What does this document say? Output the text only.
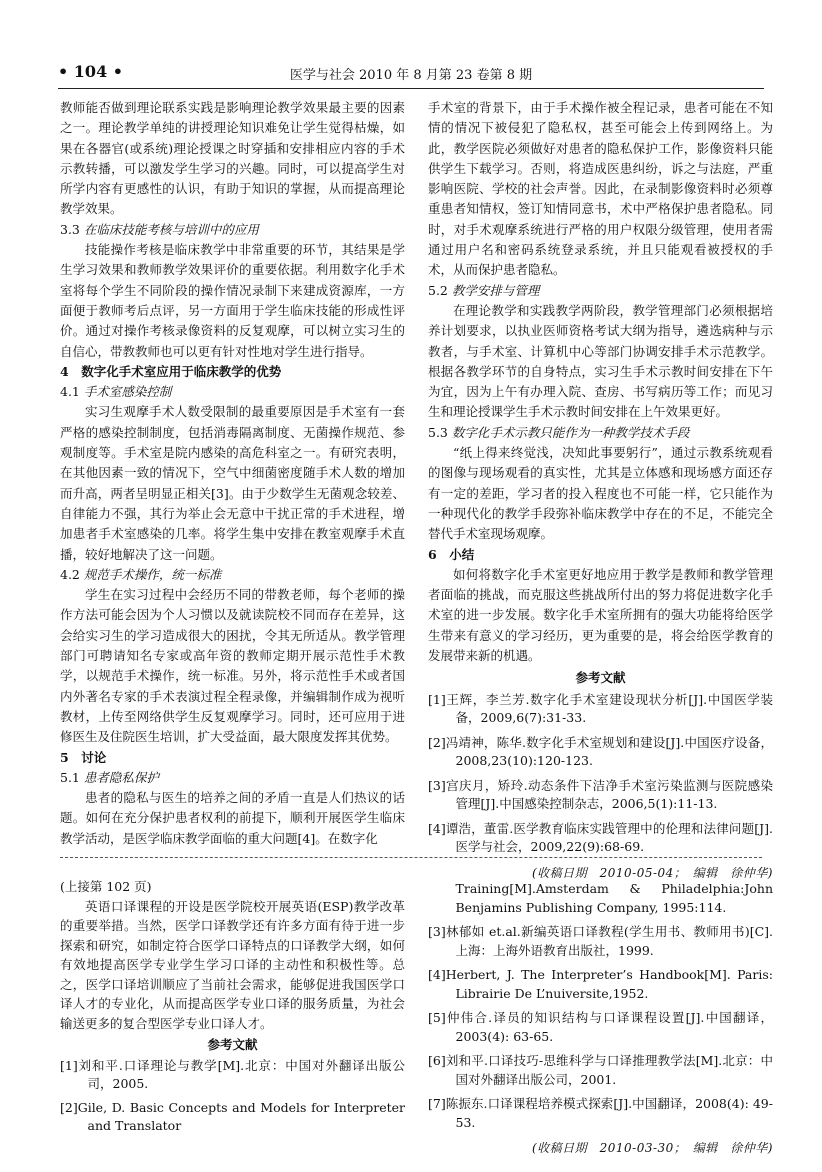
• 104 •	医学与社会 2010 年 8 月第 23 卷第 8 期

教师能否做到理论联系实践是影响理论教学效果最主要的因素之一。理论教学单纯的讲授理论知识难免让学生觉得枯燥，如果在各器官(或系统)理论授课之时穿插和安排相应内容的手术示教转播，可以激发学生学习的兴趣。同时，可以提高学生对所学内容有更感性的认识，有助于知识的掌握，从而提高理论教学效果。

3.3 在临床技能考核与培训中的应用

技能操作考核是临床教学中非常重要的环节，其结果是学生学习效果和教师教学效果评价的重要依据。利用数字化手术室将每个学生不同阶段的操作情况录制下来建成资源库，一方面便于教师考后点评，另一方面用于学生临床技能的形成性评价。通过对操作考核录像资料的反复观摩，可以树立实习生的自信心，带教教师也可以更有针对性地对学生进行指导。

4　数字化手术室应用于临床教学的优势

4.1 手术室感染控制

实习生观摩手术人数受限制的最重要原因是手术室有一套严格的感染控制制度，包括消毒隔离制度、无菌操作规范、参观制度等。手术室是院内感染的高危科室之一。有研究表明，在其他因素一致的情况下，空气中细菌密度随手术人数的增加而升高，两者呈明显正相关[3]。由于少数学生无菌观念较差、自律能力不强，其行为举止会无意中干扰正常的手术进程，增加患者手术室感染的几率。将学生集中安排在教室观摩手术直播，较好地解决了这一问题。

4.2 规范手术操作，统一标准

学生在实习过程中会经历不同的带教老师，每个老师的操作方法可能会因为个人习惯以及就读院校不同而存在差异，这会给实习生的学习造成很大的困扰，令其无所适从。教学管理部门可聘请知名专家或高年资的教师定期开展示范性手术教学，以规范手术操作，统一标准。另外，将示范性手术或者国内外著名专家的手术表演过程全程录像，并编辑制作成为视听教材，上传至网络供学生反复观摩学习。同时，还可应用于进修医生及住院医生培训，扩大受益面，最大限度发挥其优势。

5　讨论

5.1 患者隐私保护

患者的隐私与医生的培养之间的矛盾一直是人们热议的话题。如何在充分保护患者权利的前提下，顺利开展医学生临床教学活动，是医学临床教学面临的重大问题[4]。在数字化

手术室的背景下，由于手术操作被全程记录，患者可能在不知情的情况下被侵犯了隐私权，甚至可能会上传到网络上。为此，教学医院必须做好对患者的隐私保护工作，影像资料只能供学生下载学习。否则，将造成医患纠纷，诉之与法庭，严重影响医院、学校的社会声誉。因此，在录制影像资料时必须尊重患者知情权，签订知情同意书，术中严格保护患者隐私。同时，对手术观摩系统进行严格的用户权限分级管理，使用者需通过用户名和密码系统登录系统，并且只能观看被授权的手术，从而保护患者隐私。

5.2 教学安排与管理

在理论教学和实践教学两阶段，教学管理部门必须根据培养计划要求，以执业医师资格考试大纲为指导，遴选病种与示教者，与手术室、计算机中心等部门协调安排手术示范教学。根据各教学环节的自身特点，实习生手术示教时间安排在下午为宜，因为上午有办理入院、查房、书写病历等工作；而见习生和理论授课学生手术示教时间安排在上午效果更好。

5.3 数字化手术示教只能作为一种教学技术手段

“纸上得来终觉浅，决知此事要躬行”，通过示教系统观看的图像与现场观看的真实性，尤其是立体感和现场感方面还存有一定的差距，学习者的投入程度也不可能一样，它只能作为一种现代化的教学手段弥补临床教学中存在的不足，不能完全替代手术室现场观摩。

6　小结

如何将数字化手术室更好地应用于教学是教师和教学管理者面临的挑战，而克服这些挑战所付出的努力将促进数字化手术室的进一步发展。数字化手术室所拥有的强大功能将给医学生带来有意义的学习经历，更为重要的是，将会给医学教育的发展带来新的机遇。

参考文献

[1]王辉，李兰芳.数字化手术室建设现状分析[J].中国医学装备，2009,6(7):31-33.

[2]冯靖神，陈华.数字化手术室规划和建设[J].中国医疗设备，2008,23(10):120-123.

[3]宫庆月，矫玲.动态条件下洁净手术室污染监测与医院感染管理[J].中国感染控制杂志，2006,5(1):11-13.

[4]谭浩，董雷.医学教育临床实践管理中的伦理和法律问题[J].医学与社会，2009,22(9):68-69.

(收稿日期　2010-05-04；　编辑　徐仲华)

(上接第 102 页)

英语口译课程的开设是医学院校开展英语(ESP)教学改革的重要举措。当然，医学口译教学还有许多方面有待于进一步探索和研究，如制定符合医学口译特点的口译教学大纲，如何有效地提高医学专业学生学习口译的主动性和积极性等。总之，医学口译培训顺应了当前社会需求，能够促进我国医学口译人才的专业化，从而提高医学专业口译的服务质量，为社会输送更多的复合型医学专业口译人才。

参考文献

[1]刘和平.口译理论与教学[M].北京：中国对外翻译出版公司，2005.

[2]Gile, D. Basic Concepts and Models for Interpreter and Translator

Training[M].Amsterdam & Philadelphia:John Benjamins Publishing Company, 1995:114.

[3]林郁如 et.al.新编英语口译教程(学生用书、教师用书)[C].上海：上海外语教育出版社，1999.

[4]Herbert, J. The Interpreter’s Handbook[M]. Paris: Librairie De L’nuiversite,1952.

[5]仲伟合.译员的知识结构与口译课程设置[J].中国翻译，2003(4): 63-65.

[6]刘和平.口译技巧-思维科学与口译推理教学法[M].北京：中国对外翻译出版公司，2001.

[7]陈振东.口译课程培养模式探索[J].中国翻译，2008(4): 49-53.

(收稿日期　2010-03-30；　编辑　徐仲华)
